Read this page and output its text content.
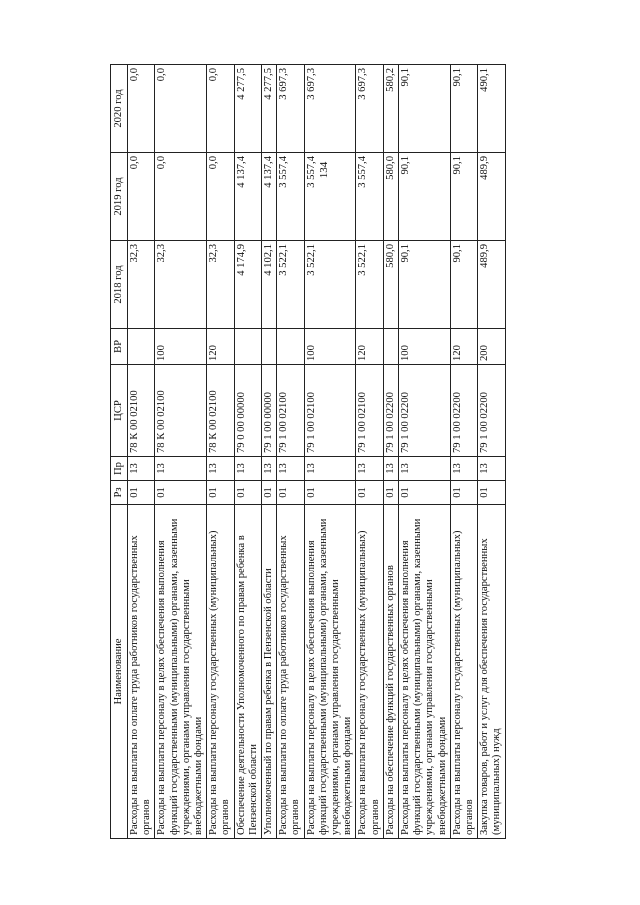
134
Наименование	Рз	Пр	ЦСР	ВР	2018 год	2019 год	2020 год
Расходы на выплаты по оплате труда работников государственных органов	01	13	78 К 00 02100		32,3	0,0	0,0
Расходы на выплаты персоналу в целях обеспечения выполнения функций государственными (муниципальными) органами, казенными учреждениями, органами управления государственными внебюджетными фондами	01	13	78 К 00 02100	100	32,3	0,0	0,0
Расходы на выплаты персоналу государственных (муниципальных) органов	01	13	78 К 00 02100	120	32,3	0,0	0,0
Обеспечение деятельности Уполномоченного по правам ребенка в Пензенской области	01	13	79 0 00 00000		4 174,9	4 137,4	4 277,5
Уполномоченный по правам ребенка в Пензенской области	01	13	79 1 00 00000		4 102,1	4 137,4	4 277,5
Расходы на выплаты по оплате труда работников государственных органов	01	13	79 1 00 02100		3 522,1	3 557,4	3 697,3
Расходы на выплаты персоналу в целях обеспечения выполнения функций государственными (муниципальными) органами, казенными учреждениями, органами управления государственными внебюджетными фондами	01	13	79 1 00 02100	100	3 522,1	3 557,4	3 697,3
Расходы на выплаты персоналу государственных (муниципальных) органов	01	13	79 1 00 02100	120	3 522,1	3 557,4	3 697,3
Расходы на обеспечение функций государственных органов	01	13	79 1 00 02200		580,0	580,0	580,2
Расходы на выплаты персоналу в целях обеспечения выполнения функций государственными (муниципальными) органами, казенными учреждениями, органами управления государственными внебюджетными фондами	01	13	79 1 00 02200	100	90,1	90,1	90,1
Расходы на выплаты персоналу государственных (муниципальных) органов	01	13	79 1 00 02200	120	90,1	90,1	90,1
Закупка товаров, работ и услуг для обеспечения государственных (муниципальных) нужд	01	13	79 1 00 02200	200	489,9	489,9	490,1
